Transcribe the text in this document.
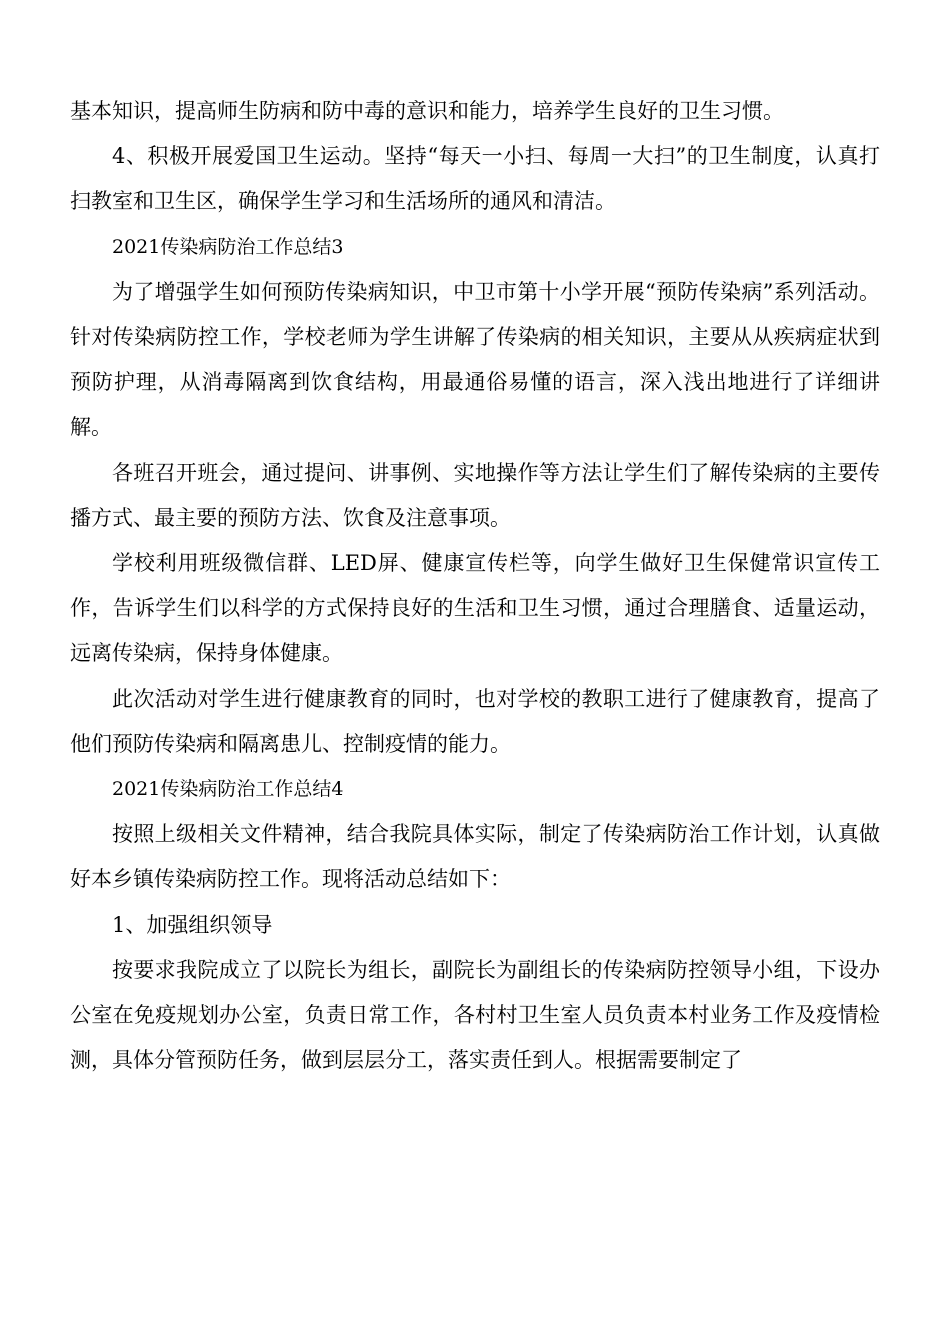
基本知识，提高师生防病和防中毒的意识和能力，培养学生良好的卫生习惯。

4、积极开展爱国卫生运动。坚持“每天一小扫、每周一大扫”的卫生制度，认真打扫教室和卫生区，确保学生学习和生活场所的通风和清洁。

2021传染病防治工作总结3

为了增强学生如何预防传染病知识，中卫市第十小学开展“预防传染病”系列活动。针对传染病防控工作，学校老师为学生讲解了传染病的相关知识，主要从从疾病症状到预防护理，从消毒隔离到饮食结构，用最通俗易懂的语言，深入浅出地进行了详细讲解。

各班召开班会，通过提问、讲事例、实地操作等方法让学生们了解传染病的主要传播方式、最主要的预防方法、饮食及注意事项。

学校利用班级微信群、LED屏、健康宣传栏等，向学生做好卫生保健常识宣传工作，告诉学生们以科学的方式保持良好的生活和卫生习惯，通过合理膳食、适量运动，远离传染病，保持身体健康。

此次活动对学生进行健康教育的同时，也对学校的教职工进行了健康教育，提高了他们预防传染病和隔离患儿、控制疫情的能力。

2021传染病防治工作总结4

按照上级相关文件精神，结合我院具体实际，制定了传染病防治工作计划，认真做好本乡镇传染病防控工作。现将活动总结如下：

1、加强组织领导

按要求我院成立了以院长为组长，副院长为副组长的传染病防控领导小组，下设办公室在免疫规划办公室，负责日常工作，各村村卫生室人员负责本村业务工作及疫情检测，具体分管预防任务，做到层层分工，落实责任到人。根据需要制定了
